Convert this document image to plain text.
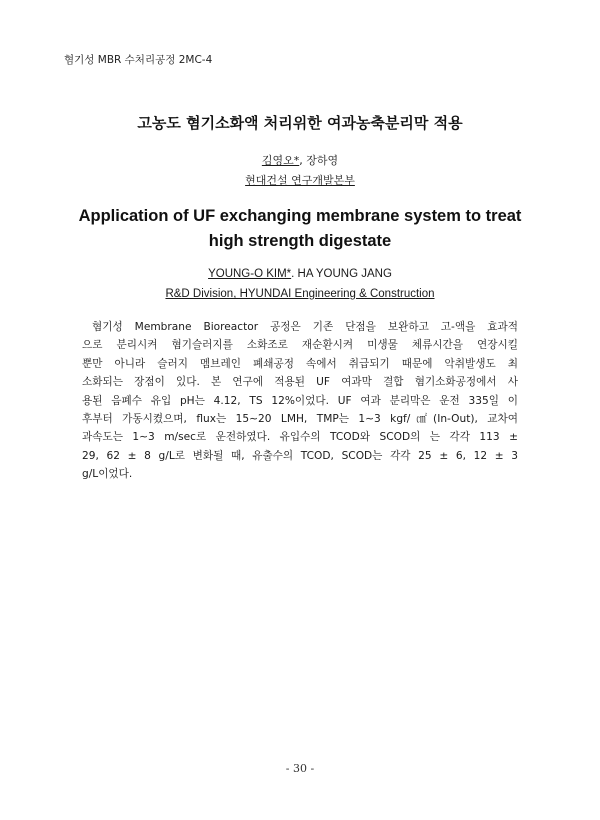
혐기성 MBR 수처리공정 2MC-4
고농도 혐기소화액 처리위한 여과농축분리막 적용
김영오*, 장하영
현대건설 연구개발본부
Application of UF exchanging membrane system to treat
high strength digestate
YOUNG-O KIM*. HA YOUNG JANG
R&D Division, HYUNDAI Engineering & Construction
혐기성 Membrane Bioreactor 공정은 기존 단점을 보완하고 고-액을 효과적
으로 분리시켜 혐기슬러지를 소화조로 재순환시켜 미생물 체류시간을 연장시킬
뿐만 아니라 슬러지 멤브레인 폐쇄공정 속에서 취급되기 때문에 악취발생도 최
소화되는 장점이 있다. 본 연구에 적용된 UF 여과막 결합 혐기소화공정에서 사
용된 음폐수 유입 pH는 4.12, TS 12%이었다. UF 여과 분리막은 운전 335일 이
후부터 가동시켰으며, flux는 15∼20 LMH, TMP는 1∼3 kgf/㎠(In-Out), 교차여
과속도는 1∼3 m/sec로 운전하였다. 유입수의 TCOD와 SCOD의 는 각각 113 ±
29, 62 ± 8 g/L로 변화될 때, 유출수의 TCOD, SCOD는 각각 25 ± 6, 12 ± 3
g/L이었다.
- 30 -
